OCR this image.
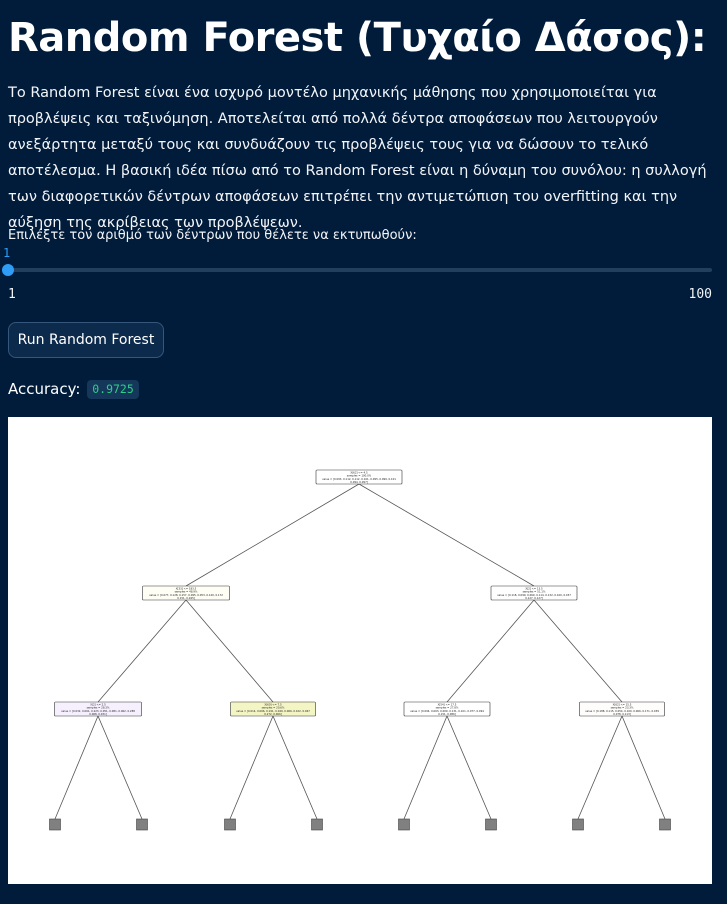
Random Forest (Τυχαίο Δάσος):

Το Random Forest είναι ένα ισχυρό μοντέλο μηχανικής μάθησης που χρησιμοποιείται για προβλέψεις και ταξινόμηση. Αποτελείται από πολλά δέντρα αποφάσεων που λειτουργούν ανεξάρτητα μεταξύ τους και συνδυάζουν τις προβλέψεις τους για να δώσουν το τελικό αποτέλεσμα. Η βασική ιδέα πίσω από το Random Forest είναι η δύναμη του συνόλου: η συλλογή των διαφορετικών δέντρων αποφάσεων επιτρέπει την αντιμετώπιση του overfitting και την αύξηση της ακρίβειας των προβλέψεων.

Επιλέξτε τον αριθμό των δέντρων που θέλετε να εκτυπωθούν:
1
1	100
Run Random Forest
Accuracy: 0.9725
X[62] <= 4.5
samples = 100.0%
value = [0.093, 0.112, 0.112, 0.101, 0.095, 0.099, 0.101
0.094, 0.097]
X[33] <= 183.5
samples = 48.9%
value = [0.077, 0.128, 0.157, 0.095, 0.053, 0.120, 0.172
0.151, 0.045]
X[2] <= 13.5
samples = 51.1%
value = [0.118, 0.099, 0.069, 0.114, 0.132, 0.100, 0.037
0.127, 0.127]
X[2] <= 2.5
samples = 28.3%
value = [0.032, 0.061, 0.223, 0.051, 0.081, 0.062, 0.288
0.068, 0.031]
X[60] <= 7.5
samples = 20.6%
value = [0.014, 0.066, 0.191, 0.049, 0.066, 0.102, 0.067
0.272, 0.066]
X[54] <= 17.5
samples = 27.8%
value = [0.094, 0.063, 0.009, 0.131, 0.101, 0.077, 0.094
0.151, 0.086]
X[62] <= 15.5
samples = 23.3%
value = [0.188, 0.115, 0.054, 0.100, 0.066, 0.171, 0.039
0.078, 0.113]
